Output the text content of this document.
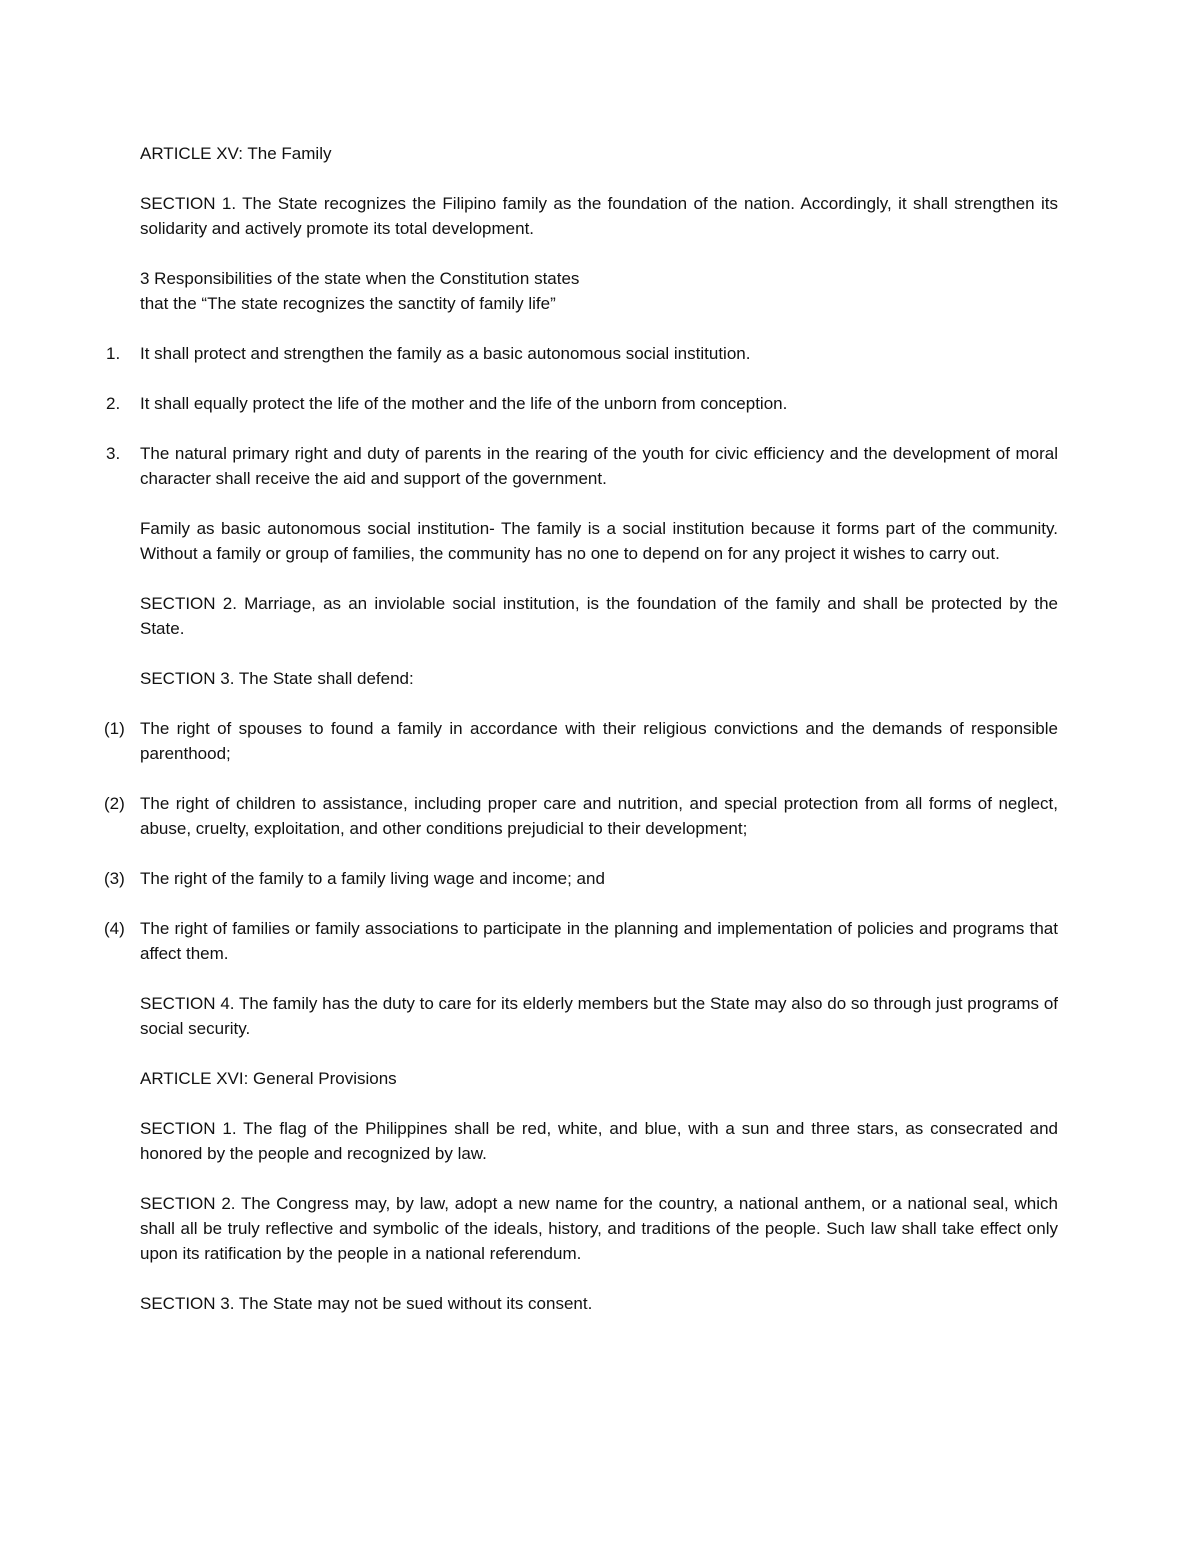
ARTICLE XV: The Family

SECTION 1. The State recognizes the Filipino family as the foundation of the nation. Accordingly, it shall strengthen its solidarity and actively promote its total development.

3 Responsibilities of the state when the Constitution states
that the “The state recognizes the sanctity of family life”

1. It shall protect and strengthen the family as a basic autonomous social institution.
2. It shall equally protect the life of the mother and the life of the unborn from conception.
3. The natural primary right and duty of parents in the rearing of the youth for civic efficiency and the development of moral character shall receive the aid and support of the government.

Family as basic autonomous social institution- The family is a social institution because it forms part of the community. Without a family or group of families, the community has no one to depend on for any project it wishes to carry out.

SECTION 2. Marriage, as an inviolable social institution, is the foundation of the family and shall be protected by the State.

SECTION 3. The State shall defend:

(1) The right of spouses to found a family in accordance with their religious convictions and the demands of responsible parenthood;
(2) The right of children to assistance, including proper care and nutrition, and special protection from all forms of neglect, abuse, cruelty, exploitation, and other conditions prejudicial to their development;
(3) The right of the family to a family living wage and income; and
(4) The right of families or family associations to participate in the planning and implementation of policies and programs that affect them.

SECTION 4. The family has the duty to care for its elderly members but the State may also do so through just programs of social security.

ARTICLE XVI: General Provisions

SECTION 1. The flag of the Philippines shall be red, white, and blue, with a sun and three stars, as consecrated and honored by the people and recognized by law.

SECTION 2. The Congress may, by law, adopt a new name for the country, a national anthem, or a national seal, which shall all be truly reflective and symbolic of the ideals, history, and traditions of the people. Such law shall take effect only upon its ratification by the people in a national referendum.

SECTION 3. The State may not be sued without its consent.
